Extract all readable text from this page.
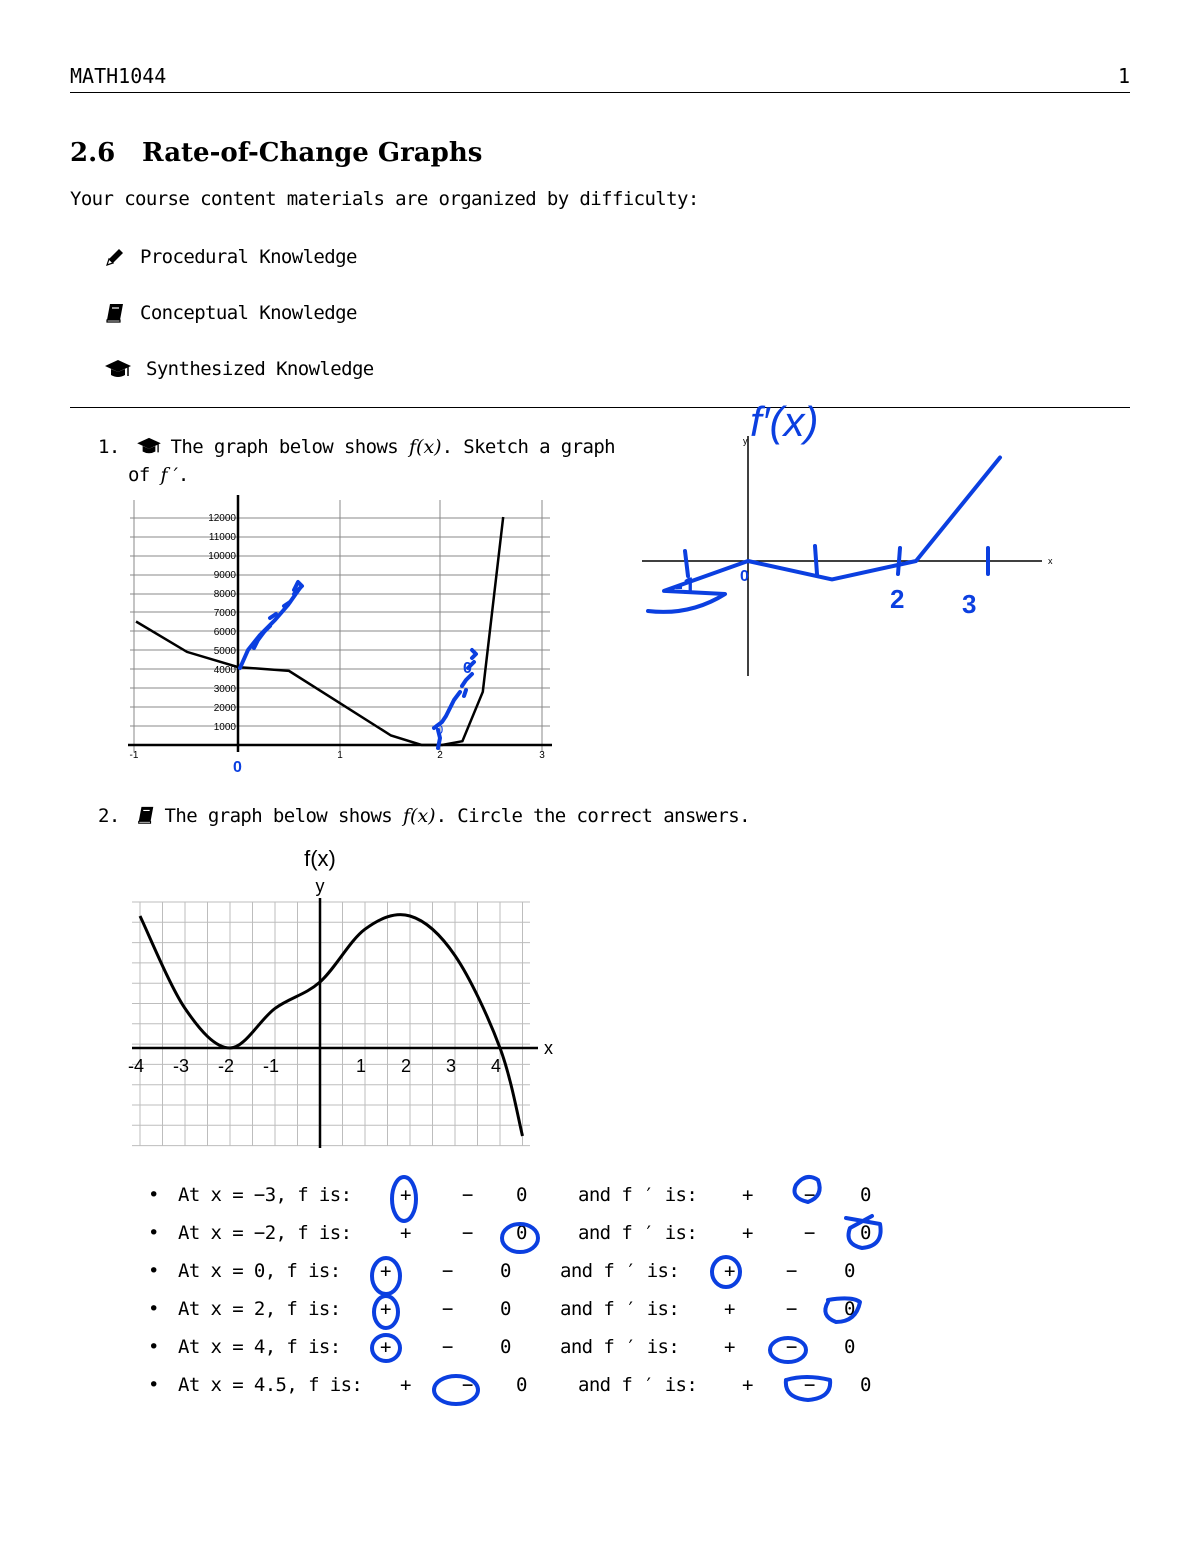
MATH1044	1
2.6 Rate-of-Change Graphs
Your course content materials are organized by difficulty:
Procedural Knowledge
Conceptual Knowledge
Synthesized Knowledge
1.	The graph below shows f(x). Sketch a graph
of f ′.
1000
2000
3000
4000
5000
6000
7000
8000
9000
10000
11000
12000
-1	1	2	3
0
0
0
y
x
f′(x)
-1	2 3
0
2. The graph below shows f(x). Circle the correct answers.
f(x)
y
x
-4 -3 -2 -1	1 2 3 4
• At x = −3, f is:	+	− 0	and f ′ is: +	− 0
• At x = −2, f is:	+	− 0	and f ′ is: +	− 0
• At x = 0, f is: +	− 0	and f ′ is: +	− 0
• At x = 2, f is: +	− 0	and f ′ is: +	− 0
• At x = 4, f is: +	− 0	and f ′ is: +	− 0
• At x = 4.5, f is: +	− 0	and f ′ is: +	− 0
